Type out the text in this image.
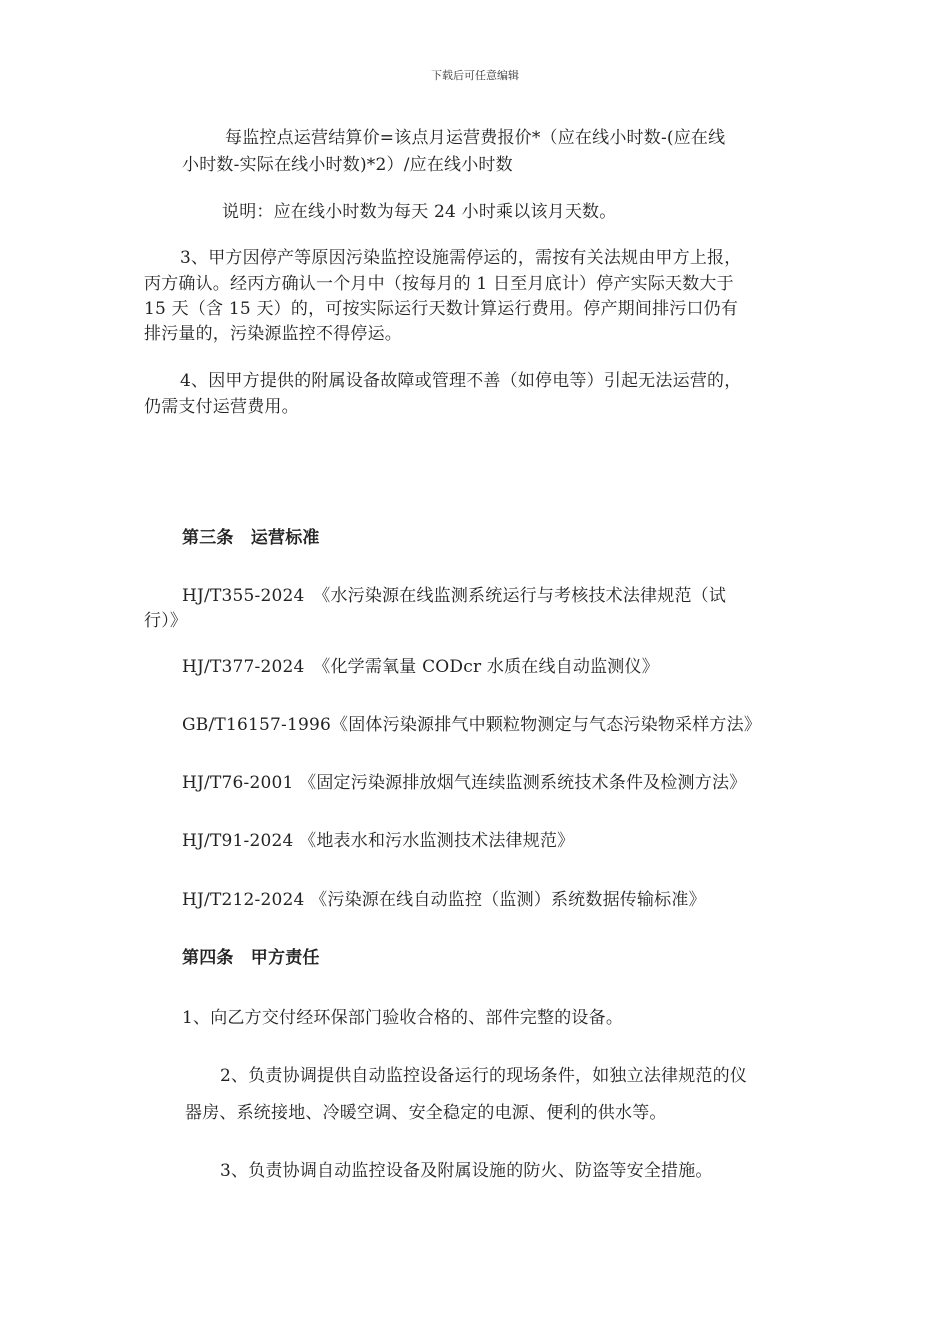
下载后可任意编辑
每监控点运营结算价=该点月运营费报价*（应在线小时数-(应在线
小时数-实际在线小时数)*2）/应在线小时数
说明：应在线小时数为每天 24 小时乘以该月天数。
3、甲方因停产等原因污染监控设施需停运的，需按有关法规由甲方上报，
丙方确认。经丙方确认一个月中（按每月的 1 日至月底计）停产实际天数大于
15 天（含 15 天）的，可按实际运行天数计算运行费用。停产期间排污口仍有
排污量的，污染源监控不得停运。
4、因甲方提供的附属设备故障或管理不善（如停电等）引起无法运营的，
仍需支付运营费用。
第三条　运营标准
HJ/T355-2024　《水污染源在线监测系统运行与考核技术法律规范（试
行）》
HJ/T377-2024　《化学需氧量 CODcr 水质在线自动监测仪》
GB/T16157-1996《固体污染源排气中颗粒物测定与气态污染物采样方法》
HJ/T76-2001 《固定污染源排放烟气连续监测系统技术条件及检测方法》
HJ/T91-2024 《地表水和污水监测技术法律规范》
HJ/T212-2024 《污染源在线自动监控（监测）系统数据传输标准》
第四条　甲方责任
1、向乙方交付经环保部门验收合格的、部件完整的设备。
2、负责协调提供自动监控设备运行的现场条件，如独立法律规范的仪
器房、系统接地、冷暖空调、安全稳定的电源、便利的供水等。
3、负责协调自动监控设备及附属设施的防火、防盗等安全措施。
